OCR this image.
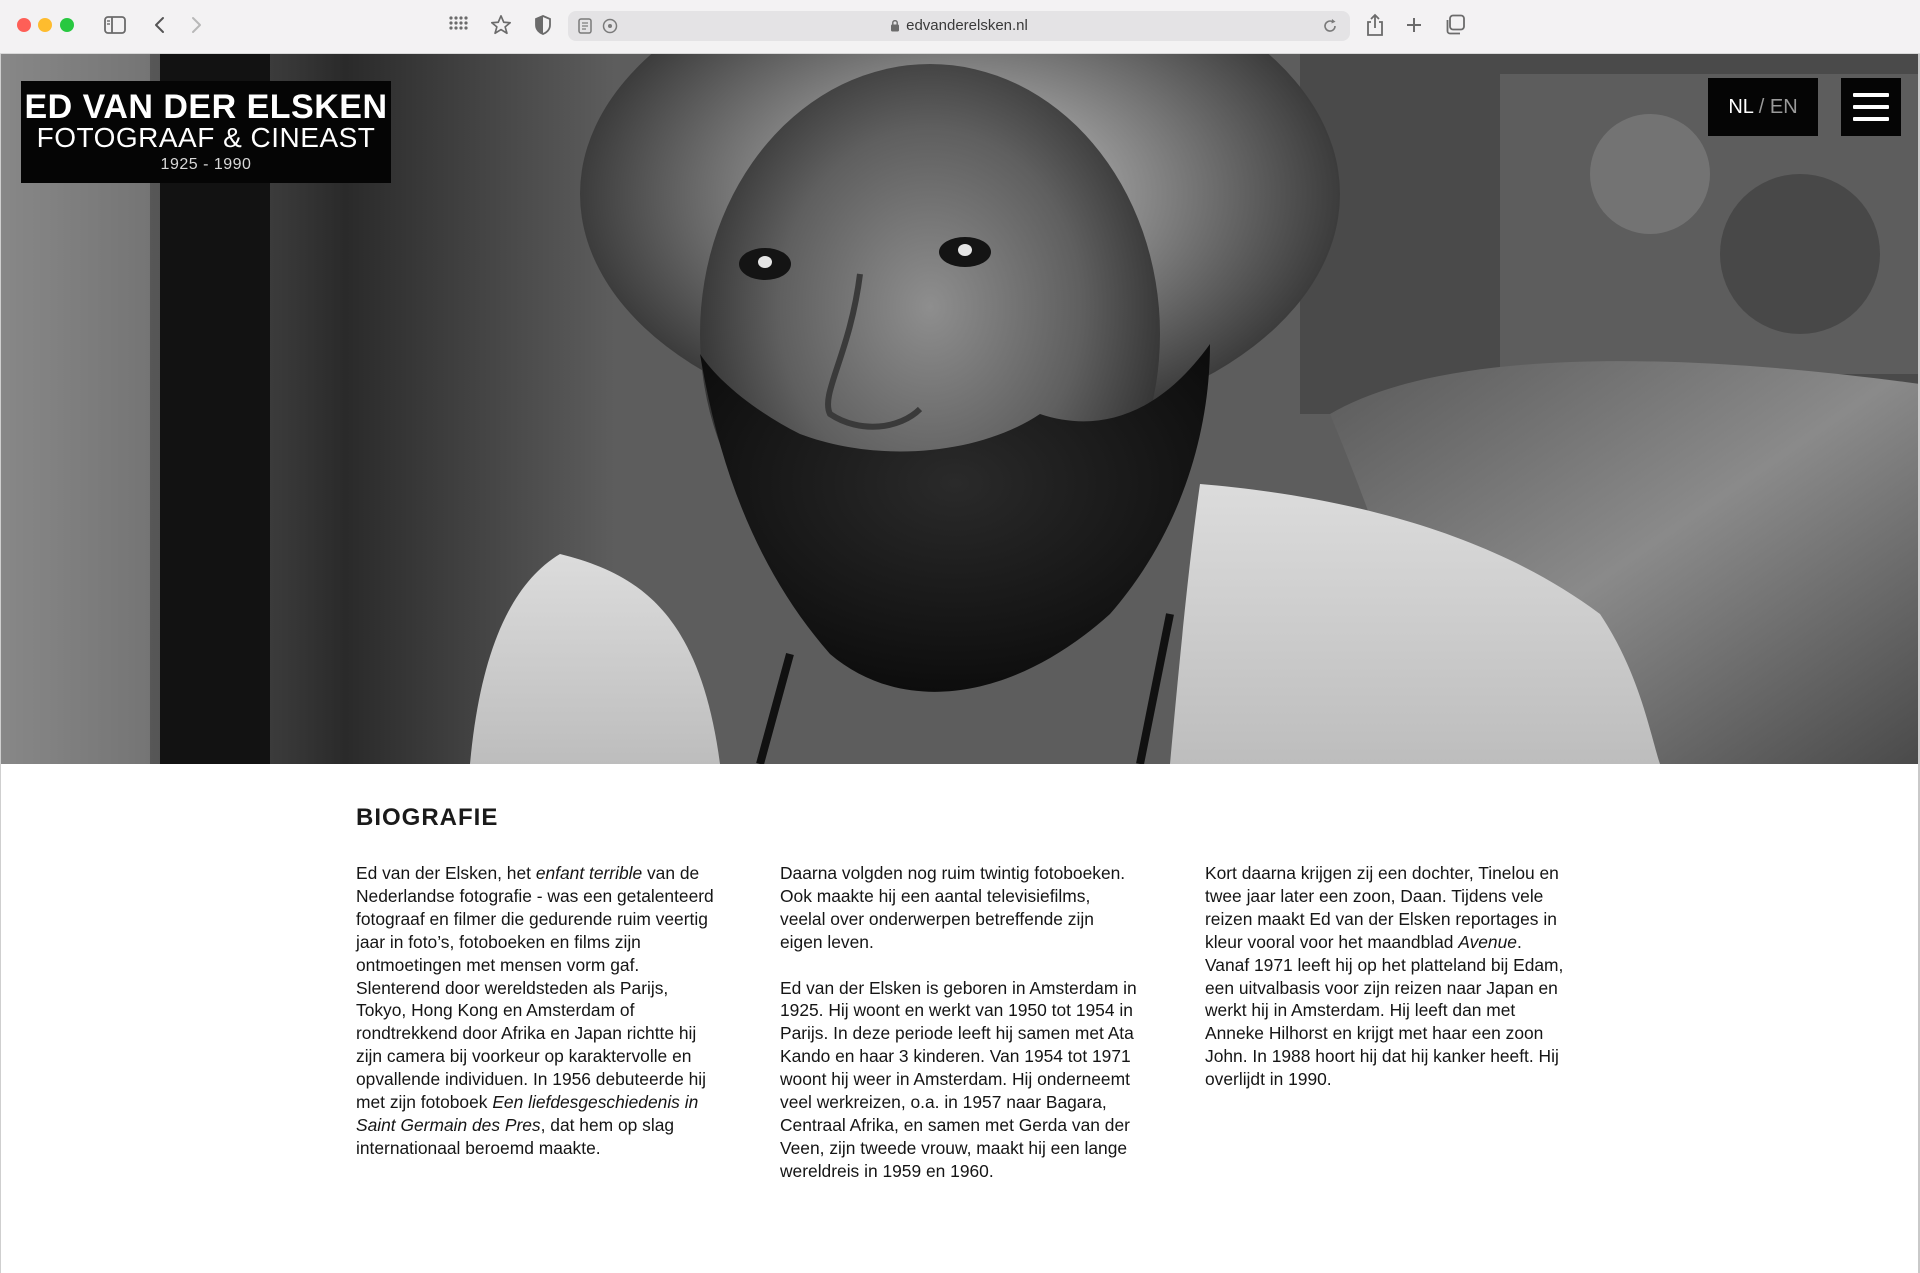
edvanderelsken.nl
ED VAN DER ELSKEN
FOTOGRAAF & CINEAST
1925 - 1990
NL / EN
BIOGRAFIE

Ed van der Elsken, het enfant terrible van de Nederlandse fotografie - was een getalenteerd fotograaf en filmer die gedurende ruim veertig jaar in foto’s, fotoboeken en films zijn ontmoetingen met mensen vorm gaf. Slenterend door wereldsteden als Parijs, Tokyo, Hong Kong en Amsterdam of rondtrekkend door Afrika en Japan richtte hij zijn camera bij voorkeur op karaktervolle en opvallende individuen. In 1956 debuteerde hij met zijn fotoboek Een liefdesgeschiedenis in Saint Germain des Pres, dat hem op slag internationaal beroemd maakte.

Daarna volgden nog ruim twintig fotoboeken. Ook maakte hij een aantal televisiefilms, veelal over onderwerpen betreffende zijn eigen leven.

Ed van der Elsken is geboren in Amsterdam in 1925. Hij woont en werkt van 1950 tot 1954 in Parijs. In deze periode leeft hij samen met Ata Kando en haar 3 kinderen. Van 1954 tot 1971 woont hij weer in Amsterdam. Hij onderneemt veel werkreizen, o.a. in 1957 naar Bagara, Centraal Afrika, en samen met Gerda van der Veen, zijn tweede vrouw, maakt hij een lange wereldreis in 1959 en 1960.

Kort daarna krijgen zij een dochter, Tinelou en twee jaar later een zoon, Daan. Tijdens vele reizen maakt Ed van der Elsken reportages in kleur vooral voor het maandblad Avenue.
Vanaf 1971 leeft hij op het platteland bij Edam, een uitvalbasis voor zijn reizen naar Japan en werkt hij in Amsterdam. Hij leeft dan met Anneke Hilhorst en krijgt met haar een zoon John. In 1988 hoort hij dat hij kanker heeft. Hij overlijdt in 1990.
